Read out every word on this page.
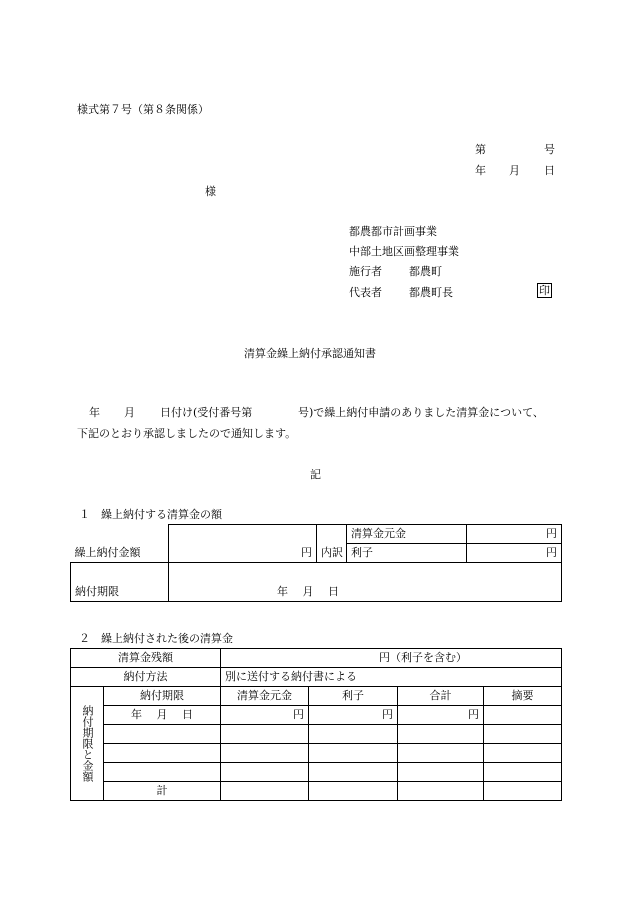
様式第７号（第８条関係）
第	号
年 月 日
様
都農都市計画事業
中部土地区画整理事業
施行者 都農町
代表者 都農町長	印
清算金繰上納付承認通知書
年 月 日付け(受付番号第	号)で繰上納付申請のありました清算金について、
下記のとおり承認しましたので通知します。
記
１　繰上納付する清算金の額
繰上納付金額	円	内訳	清算金元金	円
			利子	円
納付期限	年　 月　 日			
２　繰上納付された後の清算金
清算金残額		円（利子を含む）			
納付方法		別に送付する納付書による			
納付期限と金額	納付期限	清算金元金	利子	合計	摘要
	年　 月　 日	円	円	円	

	計				
